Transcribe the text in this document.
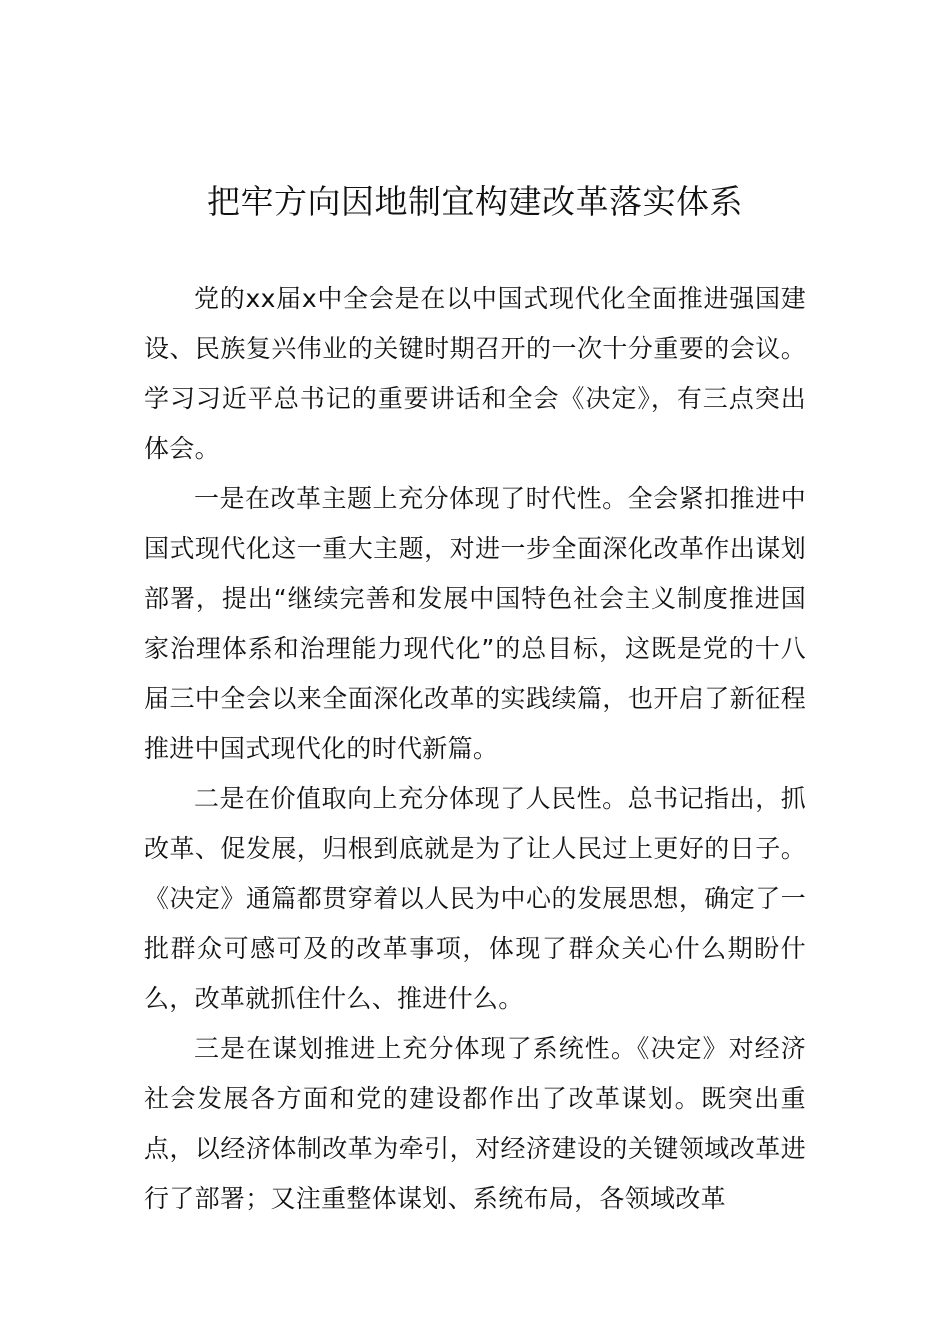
把牢方向因地制宜构建改革落实体系

党的xx届x中全会是在以中国式现代化全面推进强国建设、民族复兴伟业的关键时期召开的一次十分重要的会议。学习习近平总书记的重要讲话和全会《决定》，有三点突出体会。

一是在改革主题上充分体现了时代性。全会紧扣推进中国式现代化这一重大主题，对进一步全面深化改革作出谋划部署，提出“继续完善和发展中国特色社会主义制度推进国家治理体系和治理能力现代化”的总目标，这既是党的十八届三中全会以来全面深化改革的实践续篇，也开启了新征程推进中国式现代化的时代新篇。

二是在价值取向上充分体现了人民性。总书记指出，抓改革、促发展，归根到底就是为了让人民过上更好的日子。《决定》通篇都贯穿着以人民为中心的发展思想，确定了一批群众可感可及的改革事项，体现了群众关心什么期盼什么，改革就抓住什么、推进什么。

三是在谋划推进上充分体现了系统性。《决定》对经济社会发展各方面和党的建设都作出了改革谋划。既突出重点，以经济体制改革为牵引，对经济建设的关键领域改革进行了部署；又注重整体谋划、系统布局，各领域改革
